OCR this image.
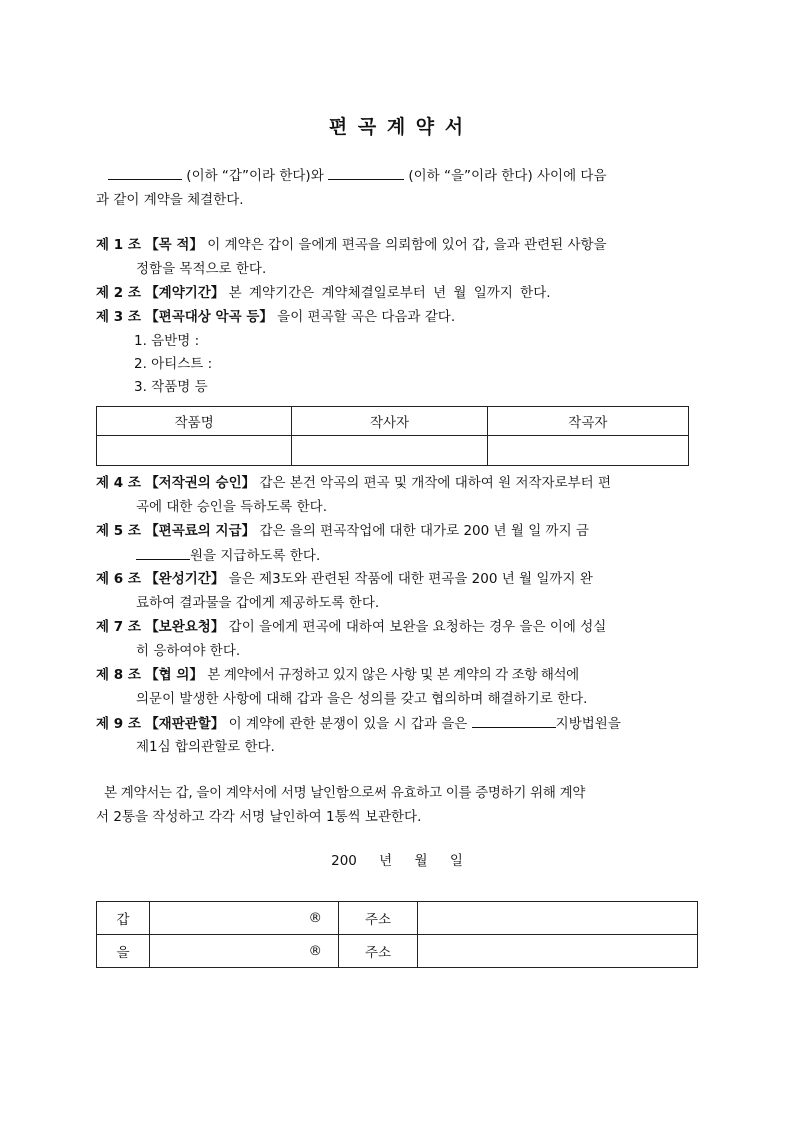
편 곡 계 약 서
(이하 “갑”이라 한다)와	(이하 “을”이라 한다) 사이에 다음
과 같이 계약을 체결한다.
제 1 조 【목 적】 이 계약은 갑이 을에게 편곡을 의뢰함에 있어 갑, 을과 관련된 사항을
정함을 목적으로 한다.
제 2 조 【계약기간】 본 계약기간은 계약체결일로부터 년 월 일까지 한다.
제 3 조 【편곡대상 악곡 등】 을이 편곡할 곡은 다음과 같다.
1. 음반명 :
2. 아티스트 :
3. 작품명 등
작품명	작사자	작곡자

제 4 조 【저작권의 승인】 갑은 본건 악곡의 편곡 및 개작에 대하여 원 저작자로부터 편
곡에 대한 승인을 득하도록 한다.
제 5 조 【편곡료의 지급】 갑은 을의 편곡작업에 대한 대가로 200 년 월 일 까지 금
원을 지급하도록 한다.
제 6 조 【완성기간】 을은 제3도와 관련된 작품에 대한 편곡을 200 년 월 일까지 완
료하여 결과물을 갑에게 제공하도록 한다.
제 7 조 【보완요청】 갑이 을에게 편곡에 대하여 보완을 요청하는 경우 을은 이에 성실
히 응하여야 한다.
제 8 조 【협 의】 본 계약에서 규정하고 있지 않은 사항 및 본 계약의 각 조항 해석에
의문이 발생한 사항에 대해 갑과 을은 성의를 갖고 협의하며 해결하기로 한다.
제 9 조 【재판관할】 이 계약에 관한 분쟁이 있을 시 갑과 을은	지방법원을
제1심 합의관할로 한다.
본 계약서는 갑, 을이 계약서에 서명 날인함으로써 유효하고 이를 증명하기 위해 계약
서 2통을 작성하고 각각 서명 날인하여 1통씩 보관한다.
200 년 월 일
갑	®	주소	
을	®	주소	
